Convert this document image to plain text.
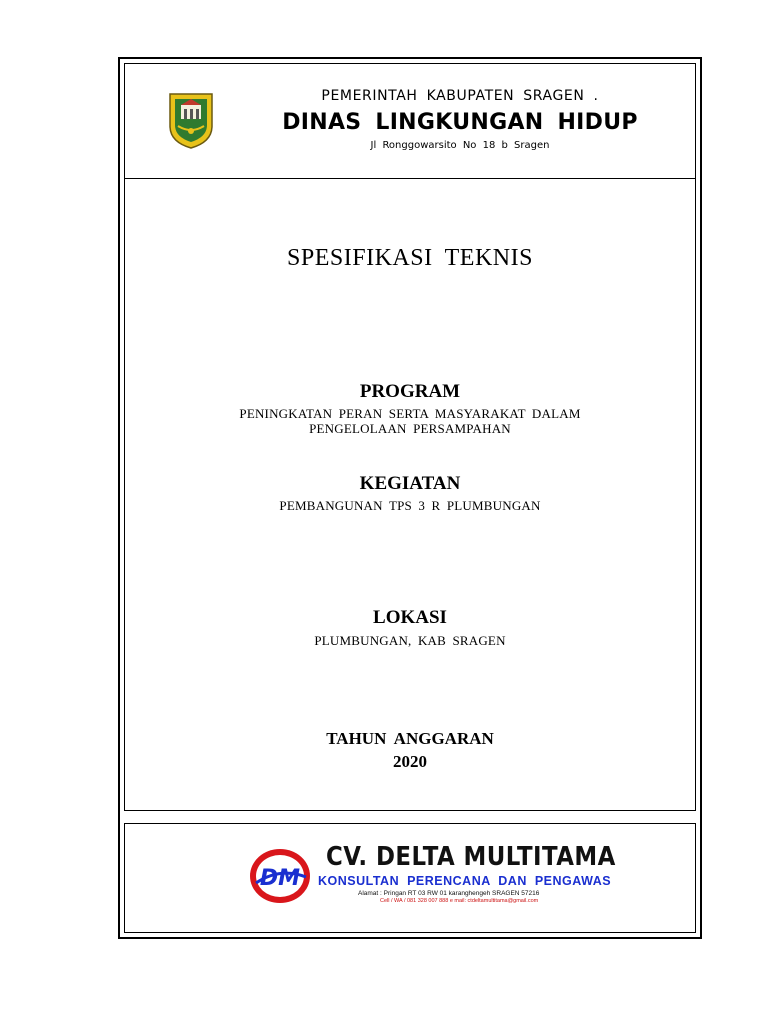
PEMERINTAH KABUPATEN SRAGEN .
DINAS LINGKUNGAN HIDUP
Jl Ronggowarsito No 18 b Sragen
SPESIFIKASI TEKNIS
PROGRAM
PENINGKATAN PERAN SERTA MASYARAKAT DALAM
PENGELOLAAN PERSAMPAHAN
KEGIATAN
PEMBANGUNAN TPS 3 R PLUMBUNGAN
LOKASI
PLUMBUNGAN, KAB SRAGEN
TAHUN ANGGARAN
2020
DM
CV. DELTA MULTITAMA
KONSULTAN PERENCANA DAN PENGAWAS
Alamat : Pringan RT 03 RW 01 karanghengeh SRAGEN 57216
Cell / WA / 081 328 007 888 e mail: ctdeltamultitama@gmail.com
